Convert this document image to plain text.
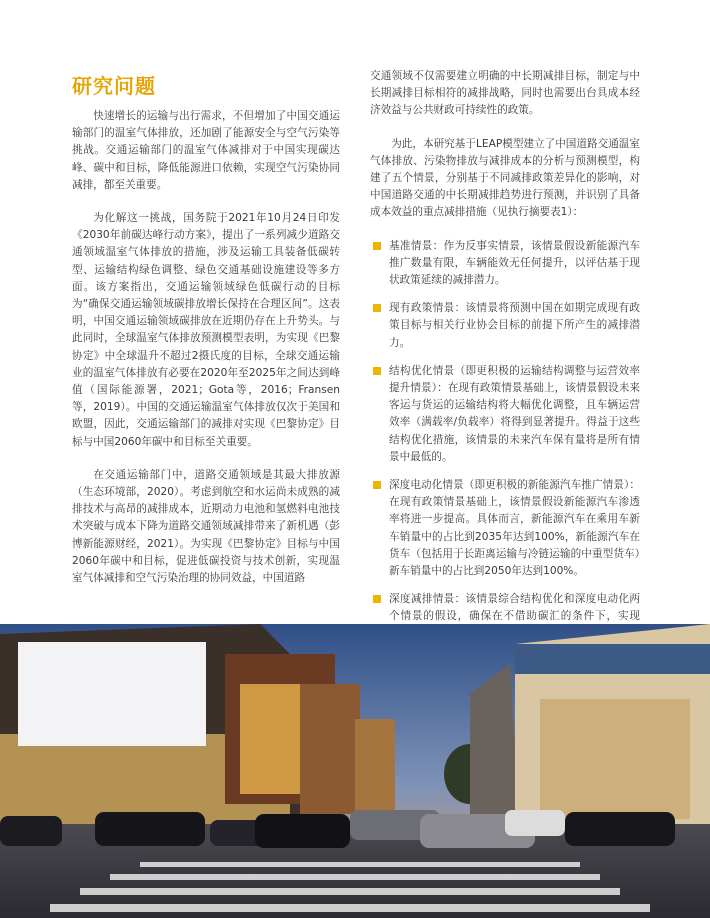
研究问题

快速增长的运输与出行需求，不但增加了中国交通运输部门的温室气体排放，还加剧了能源安全与空气污染等挑战。交通运输部门的温室气体减排对于中国实现碳达峰、碳中和目标，降低能源进口依赖，实现空气污染协同减排，都至关重要。

为化解这一挑战，国务院于2021年10月24日印发《2030年前碳达峰行动方案》，提出了一系列减少道路交通领域温室气体排放的措施，涉及运输工具装备低碳转型、运输结构绿色调整、绿色交通基础设施建设等多方面。该方案指出，交通运输领域绿色低碳行动的目标为“确保交通运输领域碳排放增长保持在合理区间”。这表明，中国交通运输领域碳排放在近期仍存在上升势头。与此同时，全球温室气体排放预测模型表明，为实现《巴黎协定》中全球温升不超过2摄氏度的目标，全球交通运输业的温室气体排放有必要在2020年至2025年之间达到峰值（国际能源署，2021；Gota等，2016；Fransen等，2019）。中国的交通运输温室气体排放仅次于美国和欧盟，因此，交通运输部门的减排对实现《巴黎协定》目标与中国2060年碳中和目标至关重要。

在交通运输部门中，道路交通领域是其最大排放源（生态环境部，2020）。考虑到航空和水运尚未成熟的减排技术与高昂的减排成本，近期动力电池和氢燃料电池技术突破与成本下降为道路交通领域减排带来了新机遇（彭博新能源财经，2021）。为实现《巴黎协定》目标与中国2060年碳中和目标，促进低碳投资与技术创新，实现温室气体减排和空气污染治理的协同效益，中国道路

交通领域不仅需要建立明确的中长期减排目标，制定与中长期减排目标相符的减排战略，同时也需要出台具成本经济效益与公共财政可持续性的政策。

为此，本研究基于LEAP模型建立了中国道路交通温室气体排放、污染物排放与减排成本的分析与预测模型，构建了五个情景，分别基于不同减排政策差异化的影响，对中国道路交通的中长期减排趋势进行预测，并识别了具备成本效益的重点减排措施（见执行摘要表1）：

基准情景：作为反事实情景，该情景假设新能源汽车推广数量有限，车辆能效无任何提升，以评估基于现状政策延续的减排潜力。
现有政策情景：该情景将预测中国在如期完成现有政策目标与相关行业协会目标的前提下所产生的减排潜力。
结构优化情景（即更积极的运输结构调整与运营效率提升情景）：在现有政策情景基础上，该情景假设未来客运与货运的运输结构将大幅优化调整，且车辆运营效率（满载率/负载率）将得到显著提升。得益于这些结构优化措施，该情景的未来汽车保有量将是所有情景中最低的。
深度电动化情景（即更积极的新能源汽车推广情景）：在现有政策情景基础上，该情景假设新能源汽车渗透率将进一步提高。具体而言，新能源汽车在乘用车新车销量中的占比到2035年达到100%，新能源汽车在货车（包括用于长距离运输与冷链运输的中重型货车）新车销量中的占比到2050年达到100%。
深度减排情景：该情景综合结构优化和深度电动化两个情景的假设，确保在不借助碳汇的条件下，实现
